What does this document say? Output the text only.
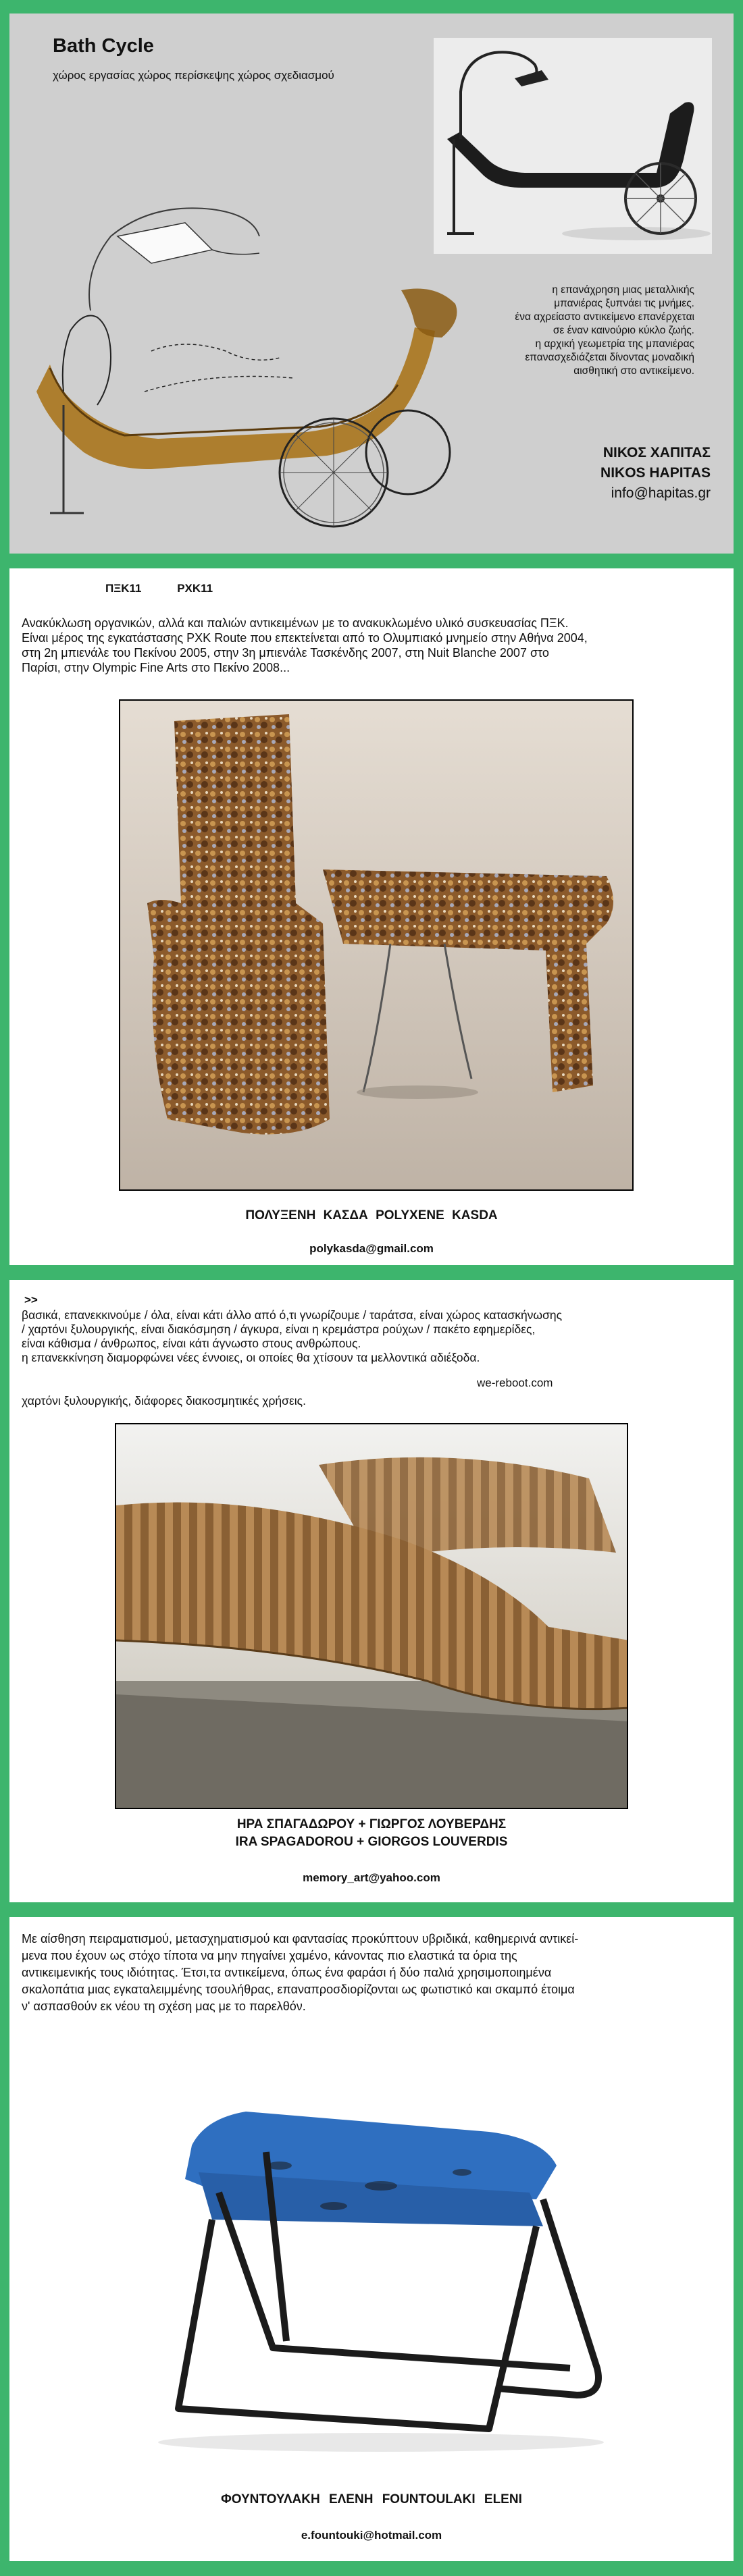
Bath Cycle
χώρος εργασίας χώρος περίσκεψης χώρος σχεδιασμού
η επανάχρηση μιας μεταλλικής
μπανιέρας ξυπνάει τις μνήμες.
ένα αχρείαστο αντικείμενο επανέρχεται
σε έναν καινούριο κύκλο ζωής.
η αρχική γεωμετρία της μπανιέρας
επανασχεδιάζεται δίνοντας μοναδική
αισθητική στο αντικείμενο.
ΝΙΚΟΣ ΧΑΠΙΤΑΣ
NIKOS HAPITAS
info@hapitas.gr
ΠΞΚ11 ΡΧΚ11
Ανακύκλωση οργανικών, αλλά και παλιών αντικειμένων με το ανακυκλωμένο υλικό συσκευασίας ΠΞΚ.
Είναι μέρος της εγκατάστασης ΡΧΚ Route που επεκτείνεται από το Ολυμπιακό μνημείο στην Αθήνα 2004,
στη 2η μπιενάλε του Πεκίνου 2005, στην 3η μπιενάλε Τασκένδης 2007, στη Nuit Blanche 2007 στο
Παρίσι, στην Olympic Fine Arts στο Πεκίνο 2008...
ΠΟΛΥΞΕΝΗ ΚΑΣΔΑ POLYXENE KASDA
polykasda@gmail.com
>>
βασικά, επανεκκινούμε / όλα, είναι κάτι άλλο από ό,τι γνωρίζουμε / ταράτσα, είναι χώρος κατασκήνωσης
/ χαρτόνι ξυλουργικής, είναι διακόσμηση / άγκυρα, είναι η κρεμάστρα ρούχων / πακέτο εφημερίδες,
είναι κάθισμα / άνθρωπος, είναι κάτι άγνωστο στους ανθρώπους.
η επανεκκίνηση διαμορφώνει νέες έννοιες, οι οποίες θα χτίσουν τα μελλοντικά αδιέξοδα.
we-reboot.com
χαρτόνι ξυλουργικής, διάφορες διακοσμητικές χρήσεις.
ΗΡΑ ΣΠΑΓΑΔΩΡΟΥ + ΓΙΩΡΓΟΣ ΛΟΥΒΕΡΔΗΣ
IRA SPAGADOROU + GIORGOS LOUVERDIS
memory_art@yahoo.com
Με αίσθηση πειραματισμού, μετασχηματισμού και φαντασίας προκύπτουν υβριδικά, καθημερινά αντικεί-
μενα που έχουν ως στόχο τίποτα να μην πηγαίνει χαμένο, κάνοντας πιο ελαστικά τα όρια της
αντικειμενικής τους ιδιότητας. Έτσι,τα αντικείμενα, όπως ένα φαράσι ή δύο παλιά χρησιμοποιημένα
σκαλοπάτια μιας εγκαταλειμμένης τσουλήθρας, επαναπροσδιορίζονται ως φωτιστικό και σκαμπό έτοιμα
ν' ασπασθούν εκ νέου τη σχέση μας με το παρελθόν.
ΦΟΥΝΤΟΥΛΑΚΗ ΕΛΕΝΗ FOUNTOULAKI ELENI
e.fountouki@hotmail.com
